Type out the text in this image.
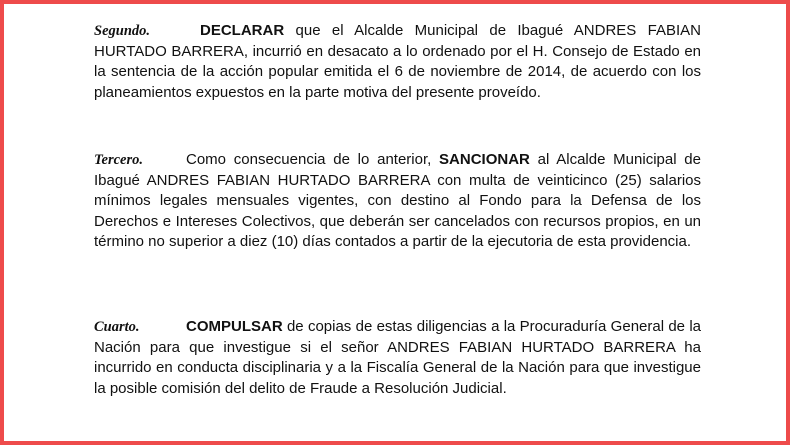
Segundo.	DECLARAR que el Alcalde Municipal de Ibagué ANDRES FABIAN HURTADO BARRERA, incurrió en desacato a lo ordenado por el H. Consejo de Estado en la sentencia de la acción popular emitida el 6 de noviembre de 2014, de acuerdo con los planeamientos expuestos en la parte motiva del presente proveído.

Tercero.	Como consecuencia de lo anterior, SANCIONAR al Alcalde Municipal de Ibagué ANDRES FABIAN HURTADO BARRERA con multa de veinticinco (25) salarios mínimos legales mensuales vigentes, con destino al Fondo para la Defensa de los Derechos e Intereses Colectivos, que deberán ser cancelados con recursos propios, en un término no superior a diez (10) días contados a partir de la ejecutoria de esta providencia.

Cuarto.	COMPULSAR de copias de estas diligencias a la Procuraduría General de la Nación para que investigue si el señor ANDRES FABIAN HURTADO BARRERA ha incurrido en conducta disciplinaria y a la Fiscalía General de la Nación para que investigue la posible comisión del delito de Fraude a Resolución Judicial.
